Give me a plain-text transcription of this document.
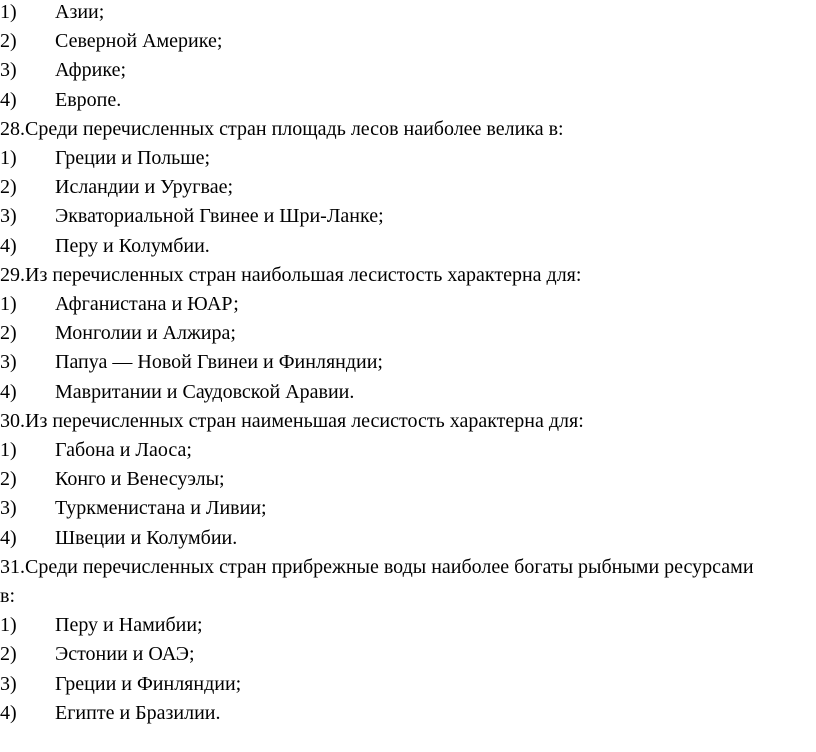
1) Азии;
2) Северной Америке;
3) Африке;
4) Европе.
28.Среди перечисленных стран площадь лесов наиболее велика в:
1) Греции и Польше;
2) Исландии и Уругвае;
3) Экваториальной Гвинее и Шри-Ланке;
4) Перу и Колумбии.
29.Из перечисленных стран наибольшая лесистость характерна для:
1) Афганистана и ЮАР;
2) Монголии и Алжира;
3) Папуа — Новой Гвинеи и Финляндии;
4) Мавритании и Саудовской Аравии.
30.Из перечисленных стран наименьшая лесистость характерна для:
1) Габона и Лаоса;
2) Конго и Венесуэлы;
3) Туркменистана и Ливии;
4) Швеции и Колумбии.
31.Среди перечисленных стран прибрежные воды наиболее богаты рыбными ресурсами
в:
1) Перу и Намибии;
2) Эстонии и ОАЭ;
3) Греции и Финляндии;
4) Египте и Бразилии.
